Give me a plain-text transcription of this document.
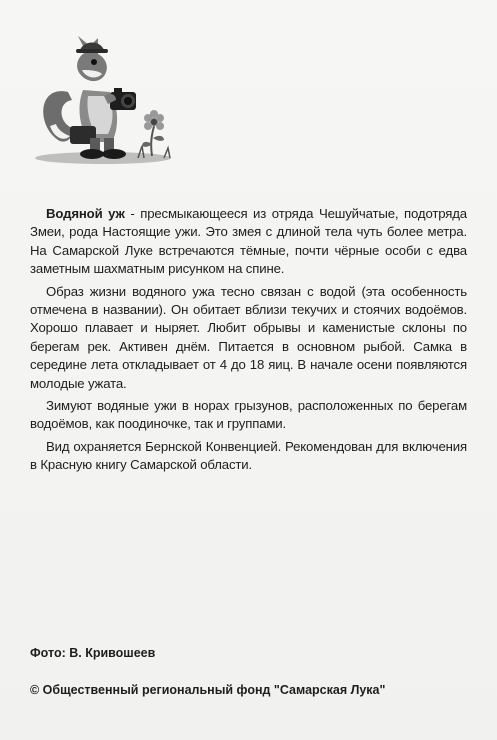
Водяной уж - пресмыкающееся из отряда Чешуйчатые, подотряда Змеи, рода Настоящие ужи. Это змея с длиной тела чуть более метра. На Самарской Луке встречаются тёмные, почти чёрные особи с едва заметным шахматным рисунком на спине.

Образ жизни водяного ужа тесно связан с водой (эта особенность отмечена в названии). Он обитает вблизи текучих и стоячих водоёмов. Хорошо плавает и ныряет. Любит обрывы и каменистые склоны по берегам рек. Активен днём. Питается в основном рыбой. Самка в середине лета откладывает от 4 до 18 яиц. В начале осени появляются молодые ужата.

Зимуют водяные ужи в норах грызунов, расположенных по берегам водоёмов, как поодиночке, так и группами.

Вид охраняется Бернской Конвенцией. Рекомендован для включения в Красную книгу Самарской области.

Фото: В. Кривошеев
© Общественный региональный фонд "Самарская Лука"
